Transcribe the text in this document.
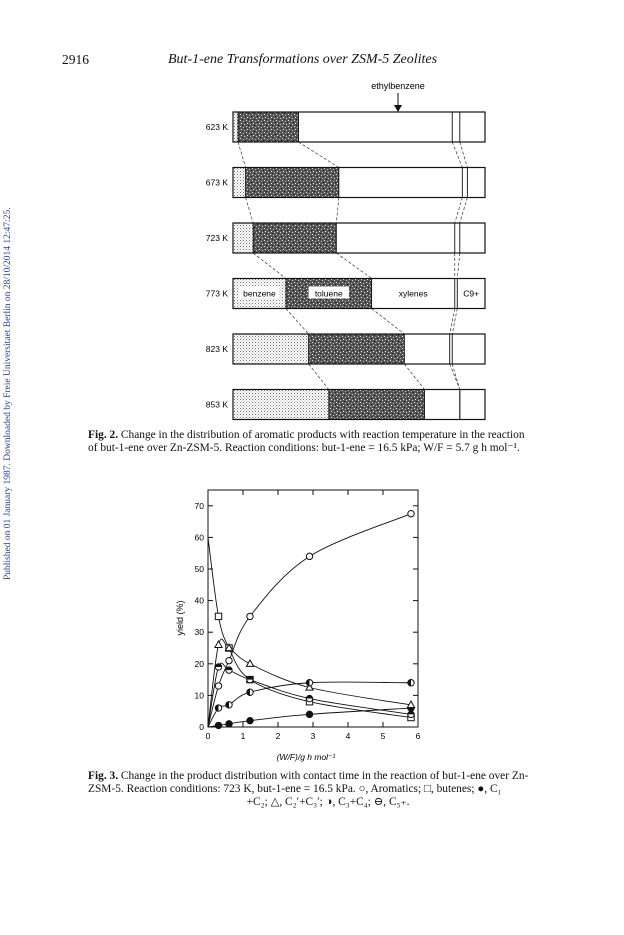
Published on 01 January 1987. Downloaded by Freie Universitaet Berlin on 28/10/2014 12:47:25.
2916	But-1-ene Transformations over ZSM-5 Zeolites
623 K
673 K
723 K
773 K benzene	toluene	xylenes	C9+
823 K
853 K
ethylbenzene
Fig. 2. Change in the distribution of aromatic products with reaction temperature in the reaction
of but-1-ene over Zn-ZSM-5. Reaction conditions: but-1-ene = 16.5 kPa; W/F = 5.7 g h mol⁻¹.
0	1	2	3	4	5	6
0
10
20
30
40
50
60
70
yield (%)
(W/F)/g h mol⁻¹
Fig. 3. Change in the product distribution with contact time in the reaction of but-1-ene over Zn-
ZSM-5. Reaction conditions: 723 K, but-1-ene = 16.5 kPa. ○, Aromatics; □, butenes; ●, C₁
+C₂; △, C₂′+C₃′; ◑, C₃+C₄; ⊖, C₅₊.
